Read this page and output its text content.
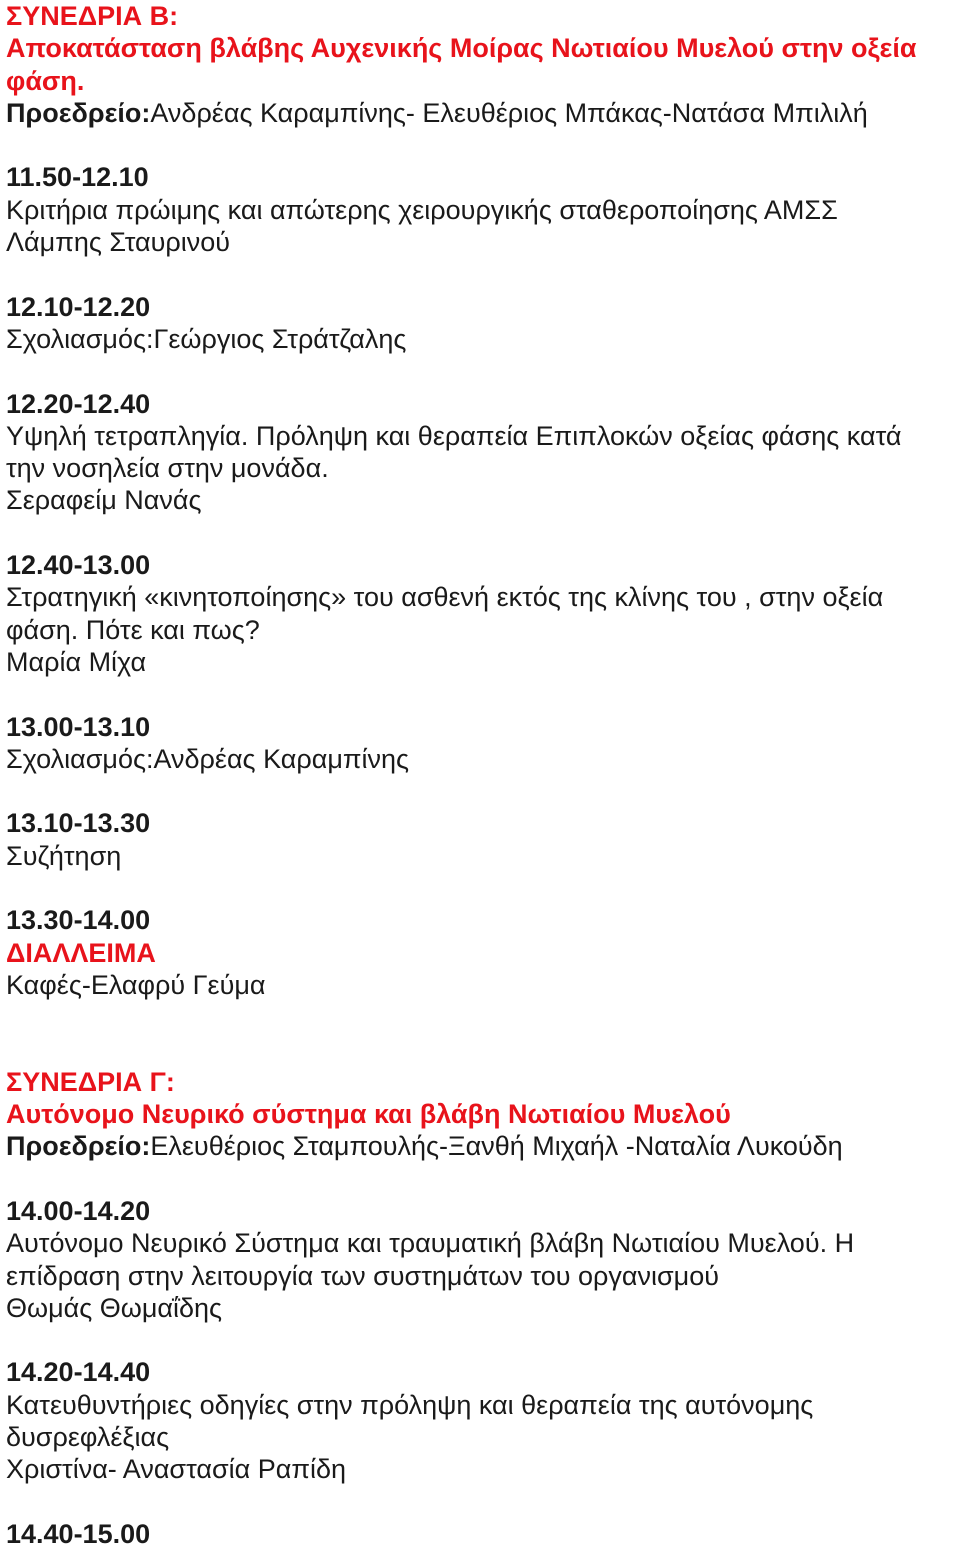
ΣΥΝΕΔΡΙΑ Β:

Αποκατάσταση βλάβης Αυχενικής Μοίρας Νωτιαίου Μυελού στην οξεία

φάση.

Προεδρείο:Ανδρέας Καραμπίνης- Ελευθέριος Μπάκας-Νατάσα Μπιλιλή

11.50-12.10

Κριτήρια πρώιμης και απώτερης χειρουργικής σταθεροποίησης ΑΜΣΣ

Λάμπης Σταυρινού

12.10-12.20

Σχολιασμός:Γεώργιος Στράτζαλης

12.20-12.40

Υψηλή τετραπληγία. Πρόληψη και θεραπεία Επιπλοκών οξείας φάσης κατά

την νοσηλεία στην μονάδα.

Σεραφείμ Νανάς

12.40-13.00

Στρατηγική «κινητοποίησης» του ασθενή εκτός της κλίνης του , στην οξεία

φάση. Πότε και πως?

Μαρία Μίχα

13.00-13.10

Σχολιασμός:Ανδρέας Καραμπίνης

13.10-13.30

Συζήτηση

13.30-14.00

ΔΙΑΛΛΕΙΜΑ

Καφές-Ελαφρύ Γεύμα

ΣΥΝΕΔΡΙΑ Γ:

Αυτόνομο Νευρικό σύστημα και βλάβη Νωτιαίου Μυελού

Προεδρείο:Ελευθέριος Σταμπουλής-Ξανθή Μιχαήλ -Ναταλία Λυκούδη

14.00-14.20

Αυτόνομο Νευρικό Σύστημα και τραυματική βλάβη Νωτιαίου Μυελού. Η

επίδραση στην λειτουργία των συστημάτων του οργανισμού

Θωμάς Θωμαΐδης

14.20-14.40

Κατευθυντήριες οδηγίες στην πρόληψη και θεραπεία της αυτόνομης

δυσρεφλέξιας

Χριστίνα- Αναστασία Ραπίδη

14.40-15.00
